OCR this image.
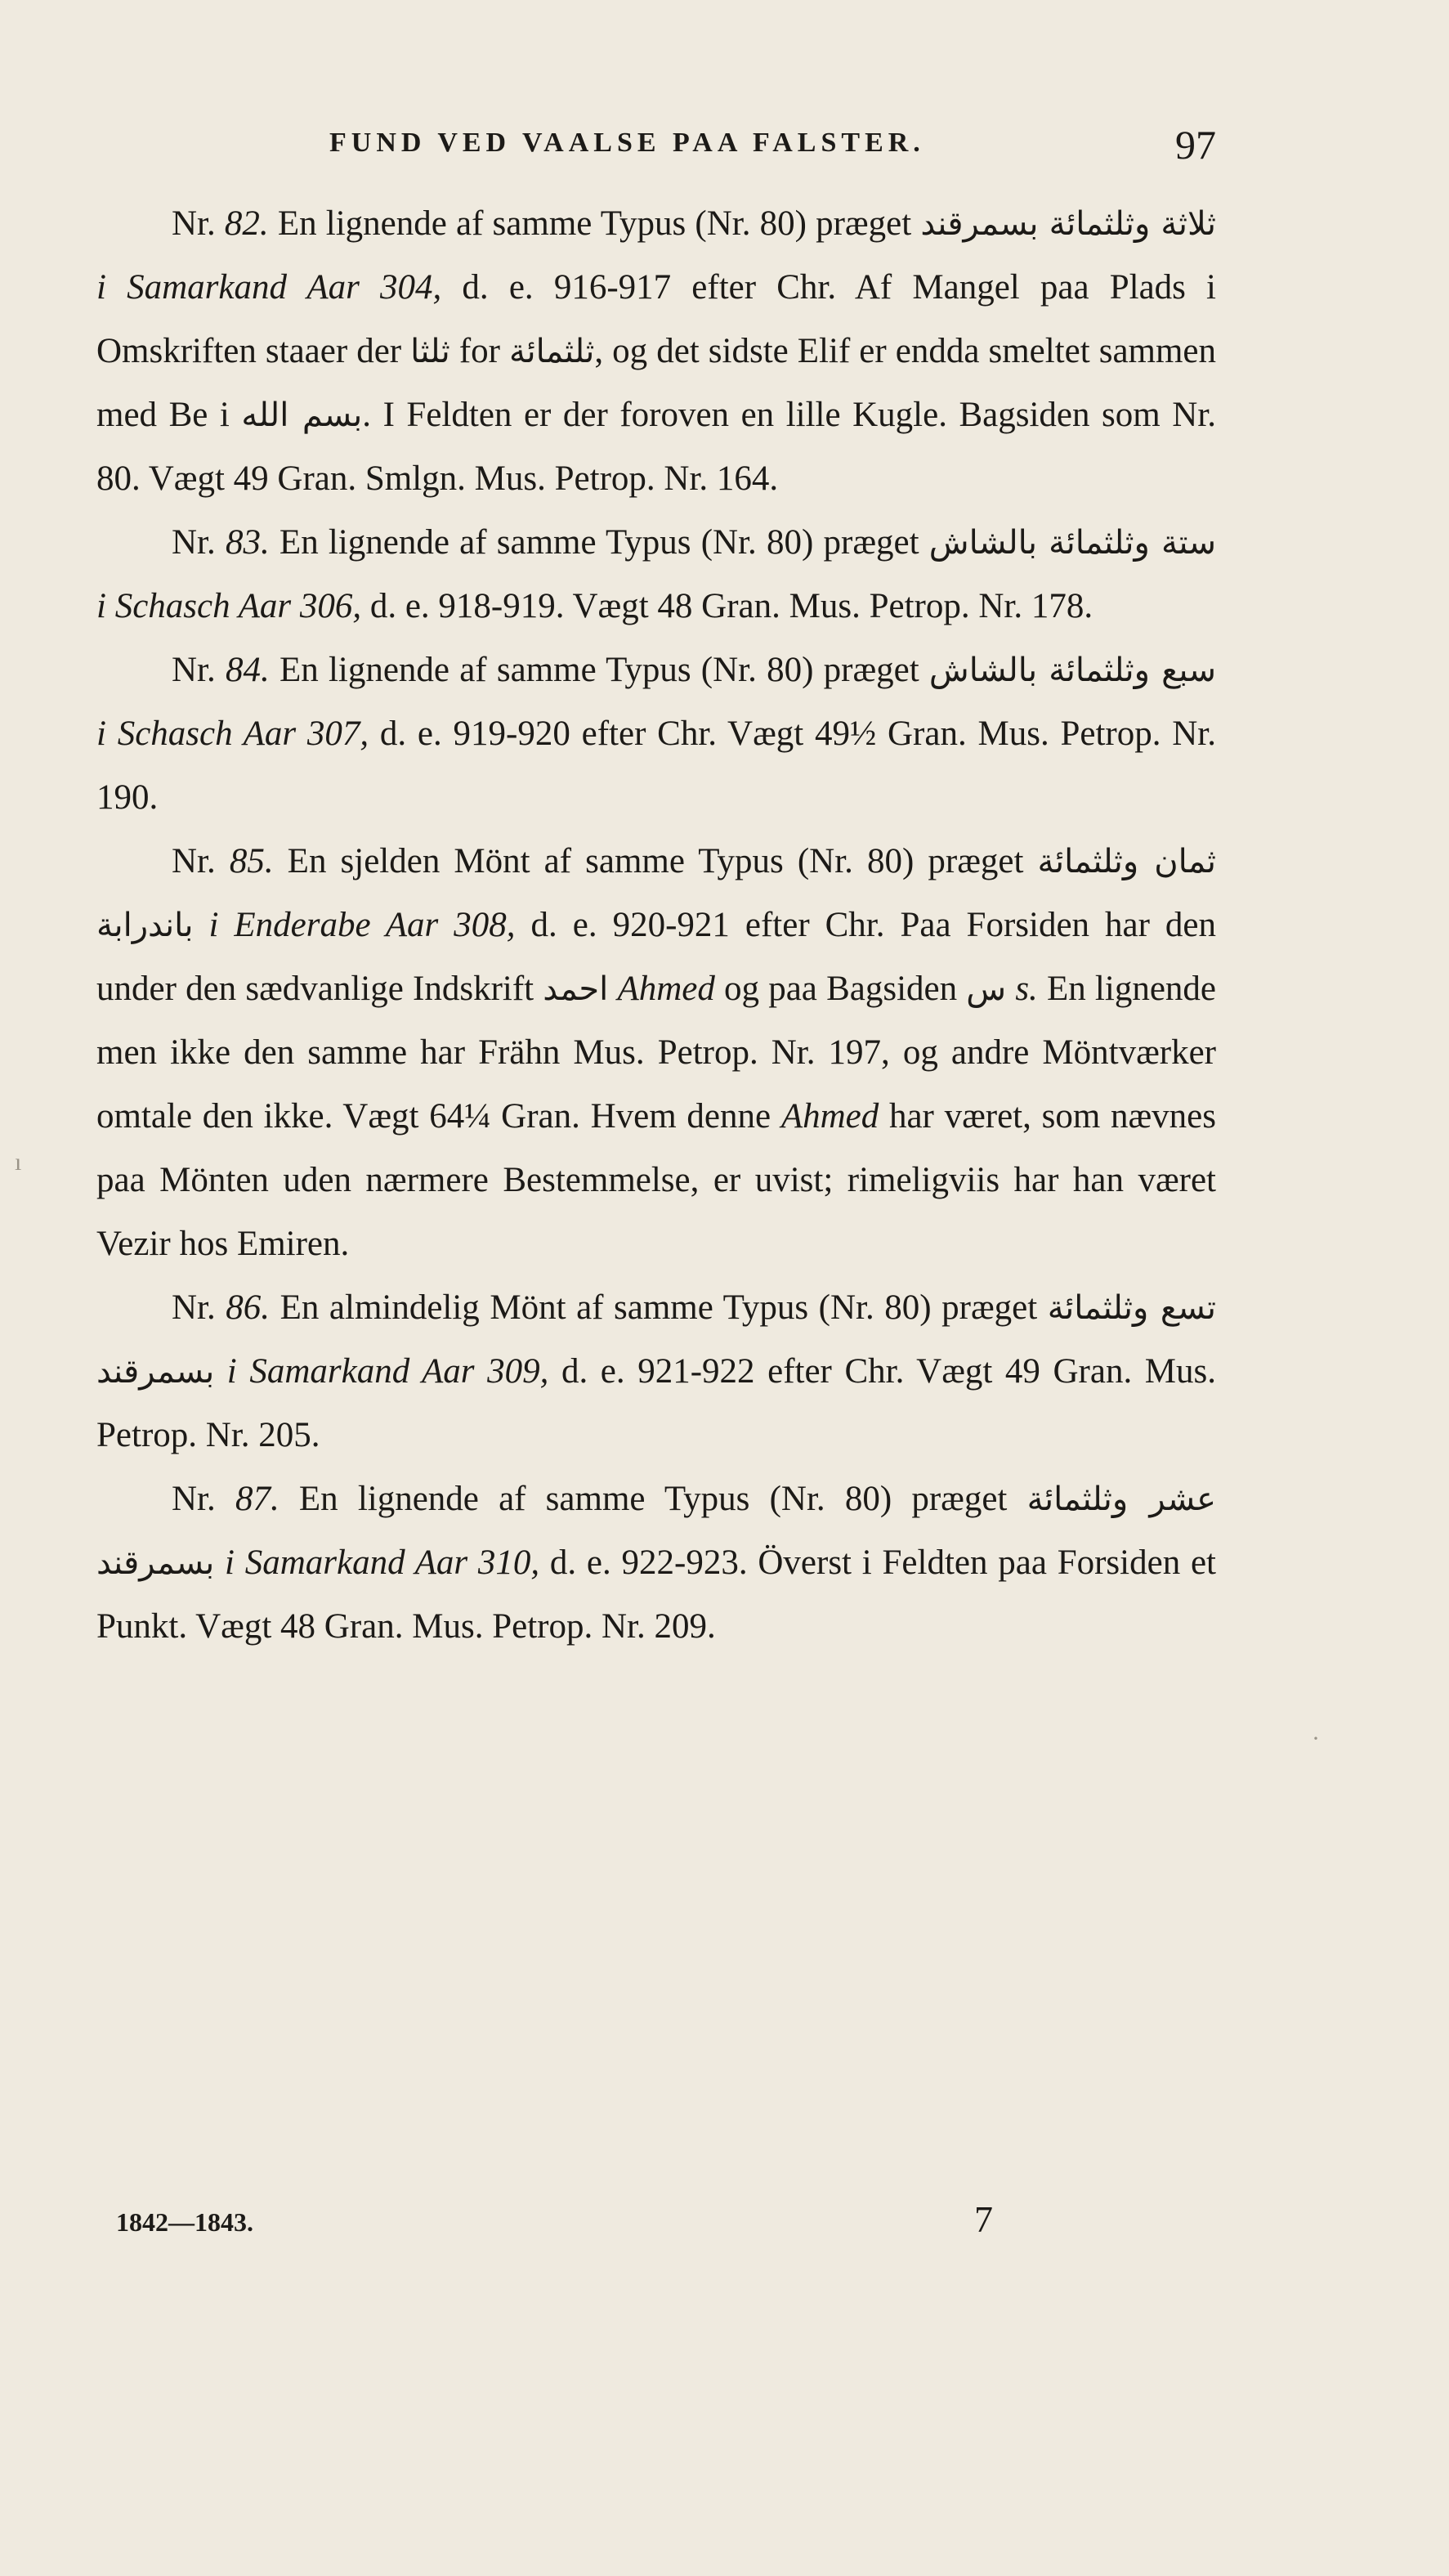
FUND VED VAALSE PAA FALSTER.	97

Nr. 82. En lignende af samme Typus (Nr. 80) præget ثلاثة وثلثمائة بسمرقند i Samarkand Aar 304, d. e. 916-917 efter Chr. Af Mangel paa Plads i Omskriften staaer der ثلثا for ثلثمائة, og det sidste Elif er endda smeltet sammen med Be i بسم الله. I Feldten er der foroven en lille Kugle. Bagsiden som Nr. 80. Vægt 49 Gran. Smlgn. Mus. Petrop. Nr. 164.

Nr. 83. En lignende af samme Typus (Nr. 80) præget ستة وثلثمائة بالشاش i Schasch Aar 306, d. e. 918-919. Vægt 48 Gran. Mus. Petrop. Nr. 178.

Nr. 84. En lignende af samme Typus (Nr. 80) præget سبع وثلثمائة بالشاش i Schasch Aar 307, d. e. 919-920 efter Chr. Vægt 49½ Gran. Mus. Petrop. Nr. 190.

Nr. 85. En sjelden Mönt af samme Typus (Nr. 80) præget ثمان وثلثمائة باندرابة i Enderabe Aar 308, d. e. 920-921 efter Chr. Paa Forsiden har den under den sædvanlige Indskrift احمد Ahmed og paa Bagsiden س s. En lignende men ikke den samme har Frähn Mus. Petrop. Nr. 197, og andre Möntværker omtale den ikke. Vægt 64¼ Gran. Hvem denne Ahmed har været, som nævnes paa Mönten uden nærmere Bestemmelse, er uvist; rimeligviis har han været Vezir hos Emiren.

Nr. 86. En almindelig Mönt af samme Typus (Nr. 80) præget تسع وثلثمائة بسمرقند i Samarkand Aar 309, d. e. 921-922 efter Chr. Vægt 49 Gran. Mus. Petrop. Nr. 205.

Nr. 87. En lignende af samme Typus (Nr. 80) præget عشر وثلثمائة بسمرقند i Samarkand Aar 310, d. e. 922-923. Överst i Feldten paa Forsiden et Punkt. Vægt 48 Gran. Mus. Petrop. Nr. 209.

1842—1843.	7
ı
·
